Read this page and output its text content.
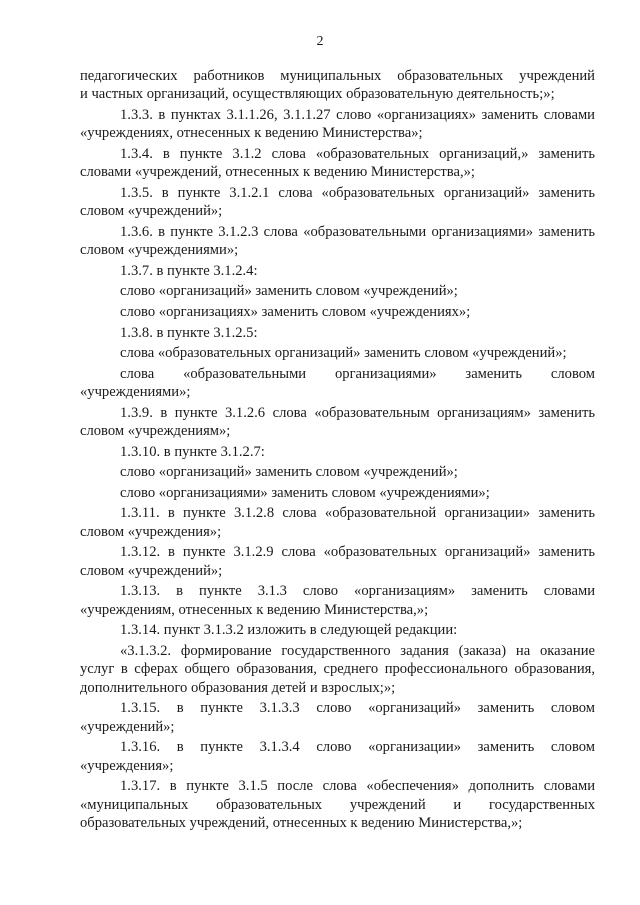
2
педагогических работников муниципальных образовательных учреждений
и частных организаций, осуществляющих образовательную деятельность;»;
1.3.3. в пунктах 3.1.1.26, 3.1.1.27 слово «организациях» заменить словами
«учреждениях, отнесенных к ведению Министерства»;
1.3.4. в пункте 3.1.2 слова «образовательных организаций,» заменить
словами «учреждений, отнесенных к ведению Министерства,»;
1.3.5. в пункте 3.1.2.1 слова «образовательных организаций» заменить
словом «учреждений»;
1.3.6. в пункте 3.1.2.3 слова «образовательными организациями» заменить
словом «учреждениями»;
1.3.7. в пункте 3.1.2.4:
слово «организаций» заменить словом «учреждений»;
слово «организациях» заменить словом «учреждениях»;
1.3.8. в пункте 3.1.2.5:
слова «образовательных организаций» заменить словом «учреждений»;
слова «образовательными организациями» заменить словом
«учреждениями»;
1.3.9. в пункте 3.1.2.6 слова «образовательным организациям» заменить
словом «учреждениям»;
1.3.10. в пункте 3.1.2.7:
слово «организаций» заменить словом «учреждений»;
слово «организациями» заменить словом «учреждениями»;
1.3.11. в пункте 3.1.2.8 слова «образовательной организации» заменить
словом «учреждения»;
1.3.12. в пункте 3.1.2.9 слова «образовательных организаций» заменить
словом «учреждений»;
1.3.13. в пункте 3.1.3 слово «организациям» заменить словами
«учреждениям, отнесенных к ведению Министерства,»;
1.3.14. пункт 3.1.3.2 изложить в следующей редакции:
«3.1.3.2. формирование государственного задания (заказа) на оказание
услуг в сферах общего образования, среднего профессионального образования,
дополнительного образования детей и взрослых;»;
1.3.15. в пункте 3.1.3.3 слово «организаций» заменить словом
«учреждений»;
1.3.16. в пункте 3.1.3.4 слово «организации» заменить словом
«учреждения»;
1.3.17. в пункте 3.1.5 после слова «обеспечения» дополнить словами
«муниципальных образовательных учреждений и государственных
образовательных учреждений, отнесенных к ведению Министерства,»;
